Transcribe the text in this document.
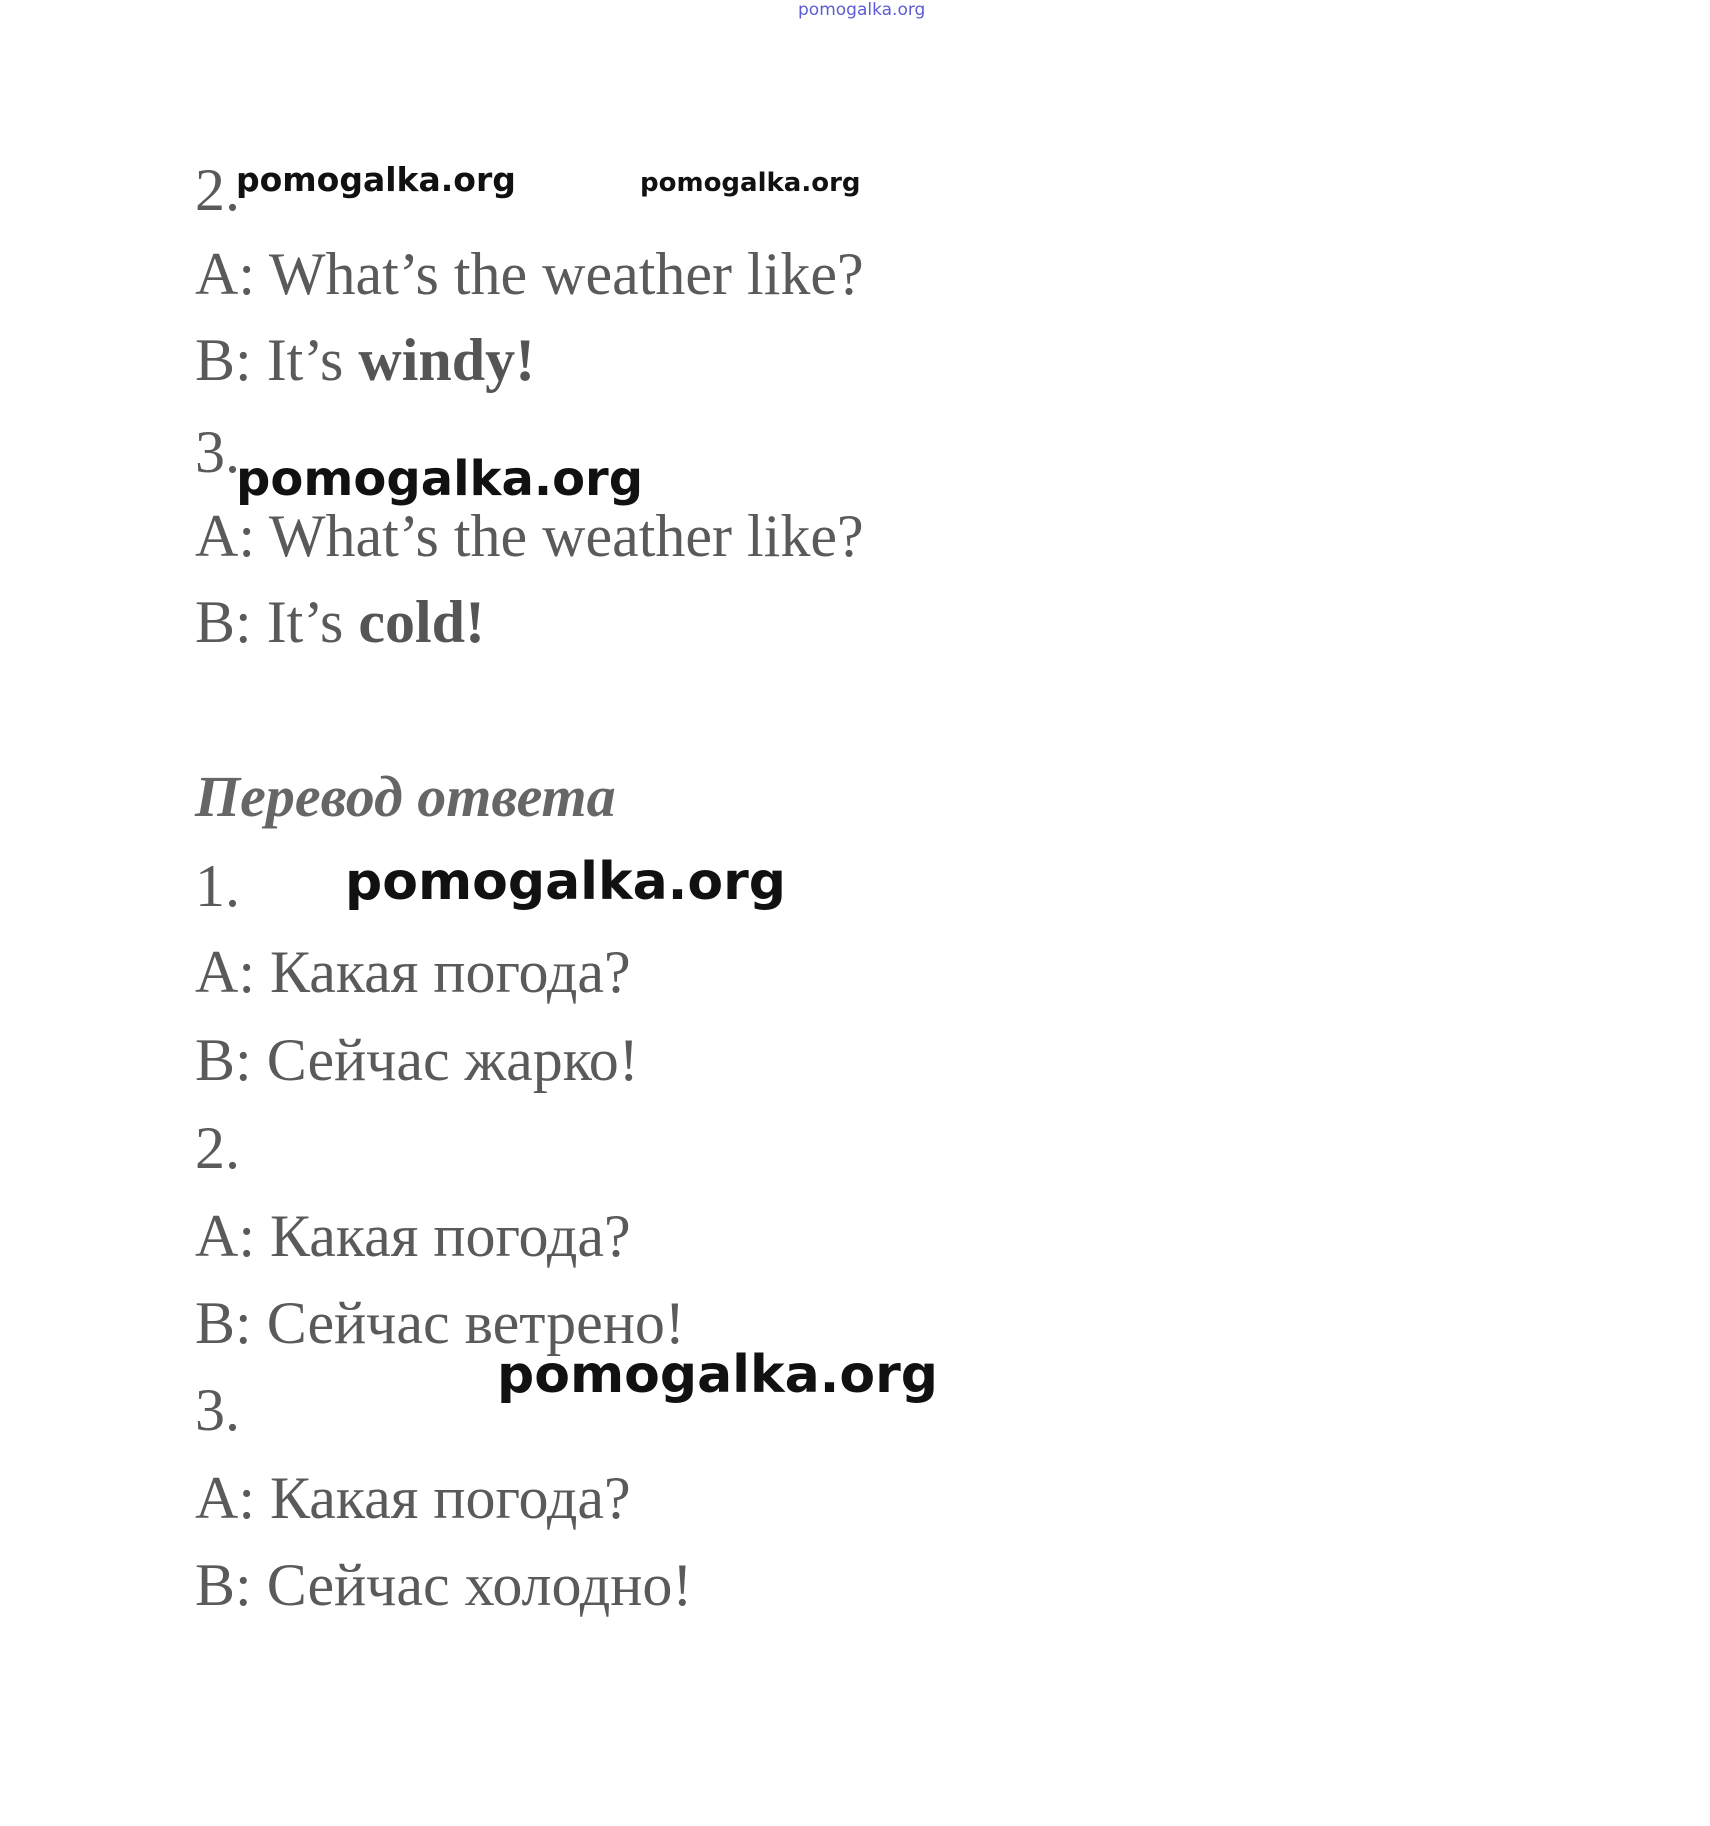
pomogalka.org

2.

pomogalka.org	pomogalka.org

A: What’s the weather like?

B: It’s windy!

3.

pomogalka.org

A: What’s the weather like?

B: It’s cold!

Перевод ответа

1. pomogalka.org

A: Какая погода?

B: Сейчас жарко!

2.

A: Какая погода?

B: Сейчас ветрено!

3.

pomogalka.org

A: Какая погода?

B: Сейчас холодно!
